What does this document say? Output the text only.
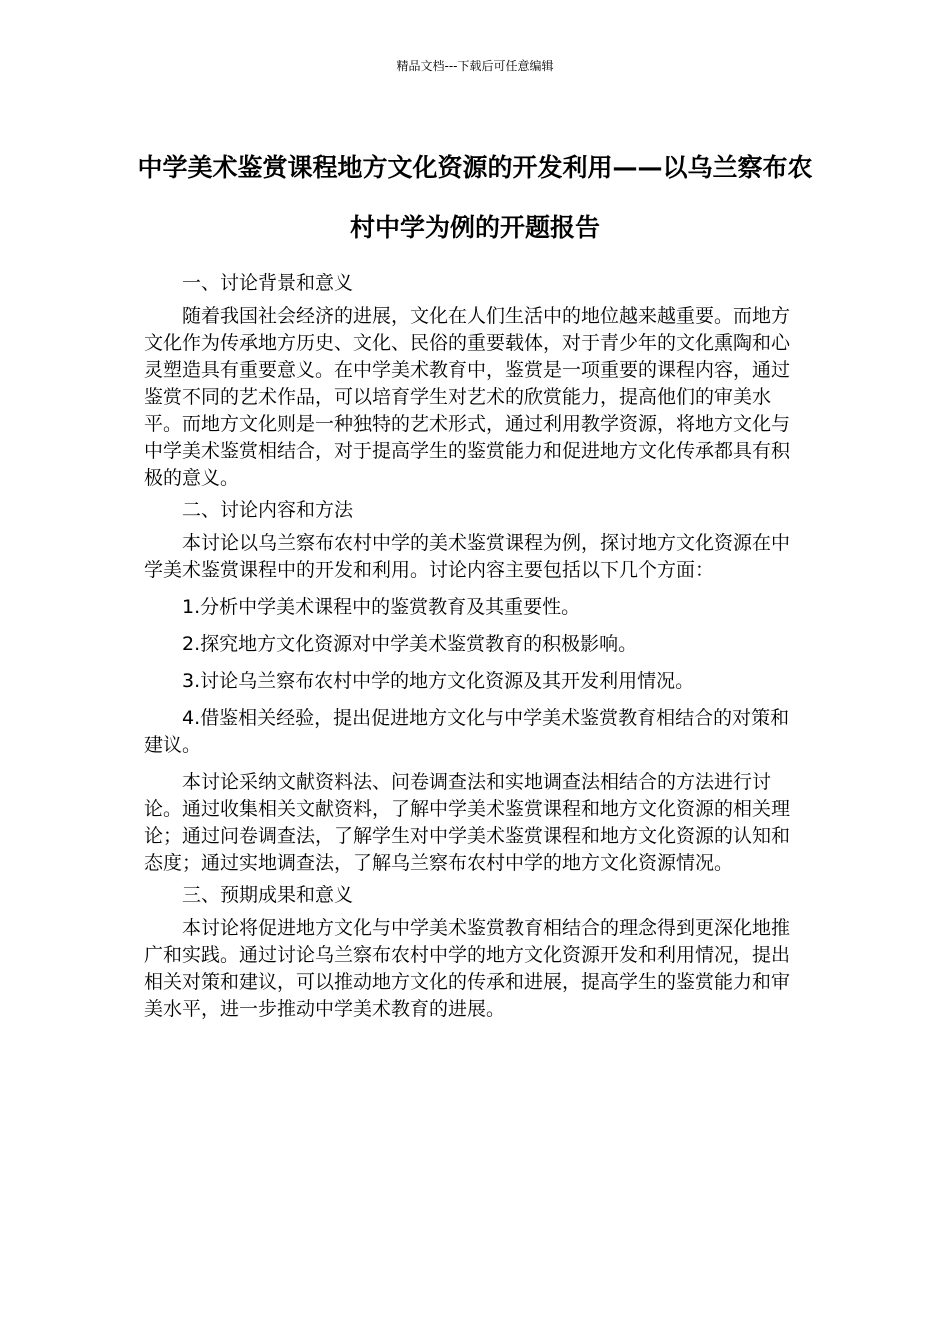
精品文档---下载后可任意编辑
中学美术鉴赏课程地方文化资源的开发利用——以乌兰察布农村中学为例的开题报告

一、讨论背景和意义

随着我国社会经济的进展，文化在人们生活中的地位越来越重要。而地方文化作为传承地方历史、文化、民俗的重要载体，对于青少年的文化熏陶和心灵塑造具有重要意义。在中学美术教育中，鉴赏是一项重要的课程内容，通过鉴赏不同的艺术作品，可以培育学生对艺术的欣赏能力，提高他们的审美水平。而地方文化则是一种独特的艺术形式，通过利用教学资源，将地方文化与中学美术鉴赏相结合，对于提高学生的鉴赏能力和促进地方文化传承都具有积极的意义。

二、讨论内容和方法

本讨论以乌兰察布农村中学的美术鉴赏课程为例，探讨地方文化资源在中学美术鉴赏课程中的开发和利用。讨论内容主要包括以下几个方面：

1.分析中学美术课程中的鉴赏教育及其重要性。

2.探究地方文化资源对中学美术鉴赏教育的积极影响。

3.讨论乌兰察布农村中学的地方文化资源及其开发利用情况。

4.借鉴相关经验，提出促进地方文化与中学美术鉴赏教育相结合的对策和建议。

本讨论采纳文献资料法、问卷调查法和实地调查法相结合的方法进行讨论。通过收集相关文献资料，了解中学美术鉴赏课程和地方文化资源的相关理论；通过问卷调查法，了解学生对中学美术鉴赏课程和地方文化资源的认知和态度；通过实地调查法，了解乌兰察布农村中学的地方文化资源情况。

三、预期成果和意义

本讨论将促进地方文化与中学美术鉴赏教育相结合的理念得到更深化地推广和实践。通过讨论乌兰察布农村中学的地方文化资源开发和利用情况，提出相关对策和建议，可以推动地方文化的传承和进展，提高学生的鉴赏能力和审美水平，进一步推动中学美术教育的进展。
